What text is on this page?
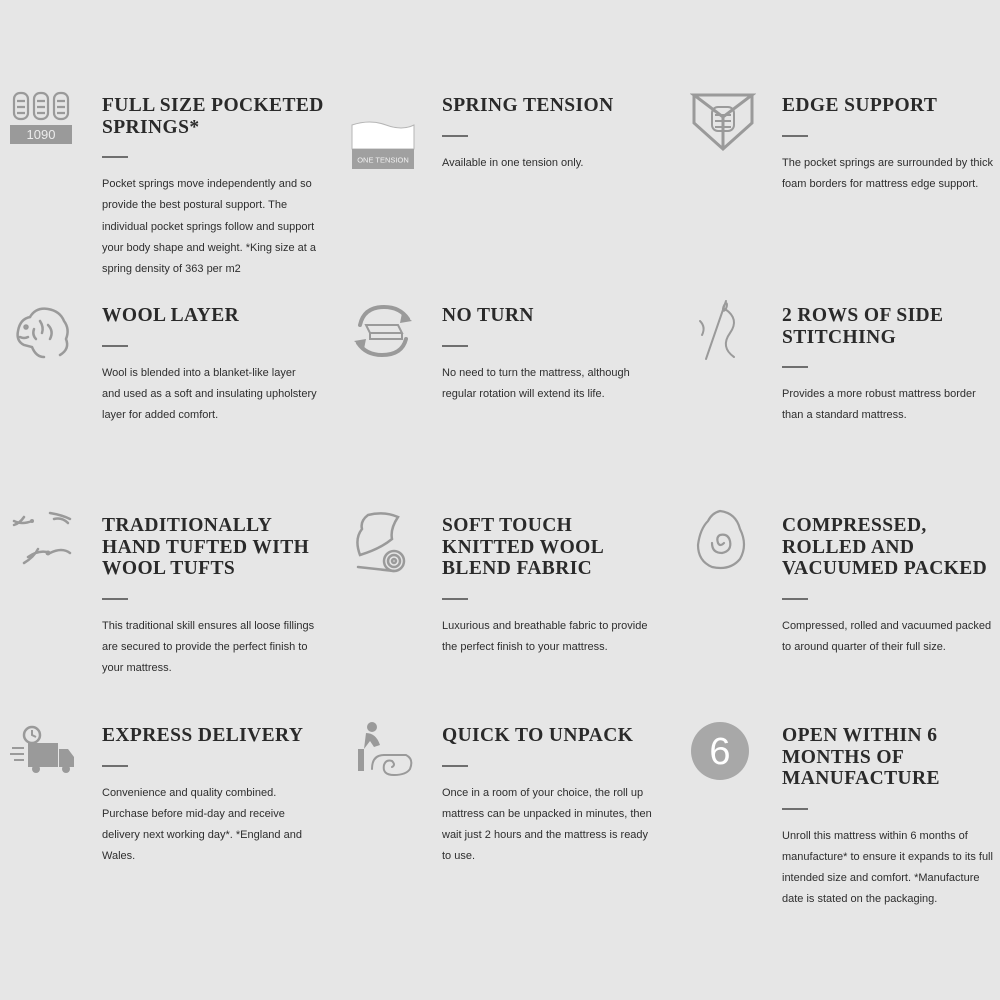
1090
FULL SIZE POCKETED
SPRINGS*

Pocket springs move independently and so provide the best postural support. The individual pocket springs follow and support your body shape and weight. *King size at a spring density of 363 per m2

ONE TENSION
SPRING TENSION

Available in one tension only.

EDGE SUPPORT

The pocket springs are surrounded by thick foam borders for mattress edge support.

WOOL LAYER

Wool is blended into a blanket-like layer and used as a soft and insulating upholstery layer for added comfort.

NO TURN

No need to turn the mattress, although regular rotation will extend its life.

2 ROWS OF SIDE
STITCHING

Provides a more robust mattress border than a standard mattress.

TRADITIONALLY
HAND TUFTED WITH
WOOL TUFTS

This traditional skill ensures all loose fillings are secured to provide the perfect finish to your mattress.

SOFT TOUCH
KNITTED WOOL
BLEND FABRIC

Luxurious and breathable fabric to provide the perfect finish to your mattress.

COMPRESSED,
ROLLED AND
VACUUMED PACKED

Compressed, rolled and vacuumed packed to around quarter of their full size.

EXPRESS DELIVERY

Convenience and quality combined. Purchase before mid-day and receive delivery next working day*. *England and Wales.

QUICK TO UNPACK

Once in a room of your choice, the roll up mattress can be unpacked in minutes, then wait just 2 hours and the mattress is ready to use.

6	OPEN WITHIN 6
MONTHS OF
MANUFACTURE

Unroll this mattress within 6 months of manufacture* to ensure it expands to its full intended size and comfort. *Manufacture date is stated on the packaging.
